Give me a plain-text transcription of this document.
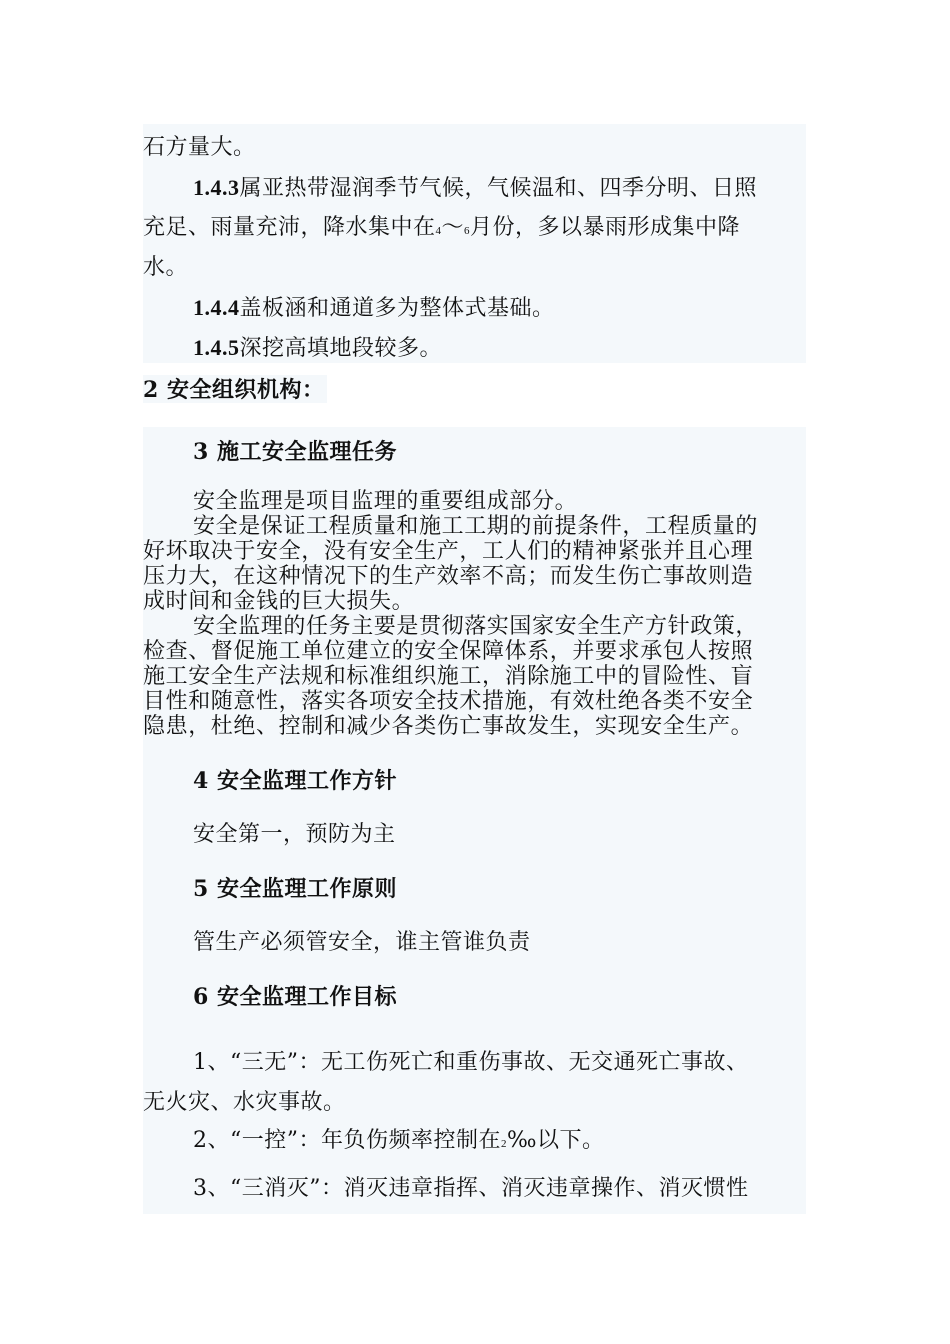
石方量大。
1.4.3属亚热带湿润季节气候，气候温和、四季分明、日照
充足、雨量充沛，降水集中在4～6月份，多以暴雨形成集中降
水。
1.4.4盖板涵和通道多为整体式基础。
1.4.5深挖高填地段较多。
2 安全组织机构：
3 施工安全监理任务
安全监理是项目监理的重要组成部分。
安全是保证工程质量和施工工期的前提条件，工程质量的
好坏取决于安全，没有安全生产，工人们的精神紧张并且心理
压力大，在这种情况下的生产效率不高；而发生伤亡事故则造
成时间和金钱的巨大损失。
安全监理的任务主要是贯彻落实国家安全生产方针政策，
检查、督促施工单位建立的安全保障体系，并要求承包人按照
施工安全生产法规和标准组织施工，消除施工中的冒险性、盲
目性和随意性，落实各项安全技术措施，有效杜绝各类不安全
隐患，杜绝、控制和减少各类伤亡事故发生，实现安全生产。
4 安全监理工作方针
安全第一，预防为主
5 安全监理工作原则
管生产必须管安全，谁主管谁负责
6 安全监理工作目标
1、“三无”：无工伤死亡和重伤事故、无交通死亡事故、
无火灾、水灾事故。
2、“一控”：年负伤频率控制在2‰以下。
3、“三消灭”：消灭违章指挥、消灭违章操作、消灭惯性
